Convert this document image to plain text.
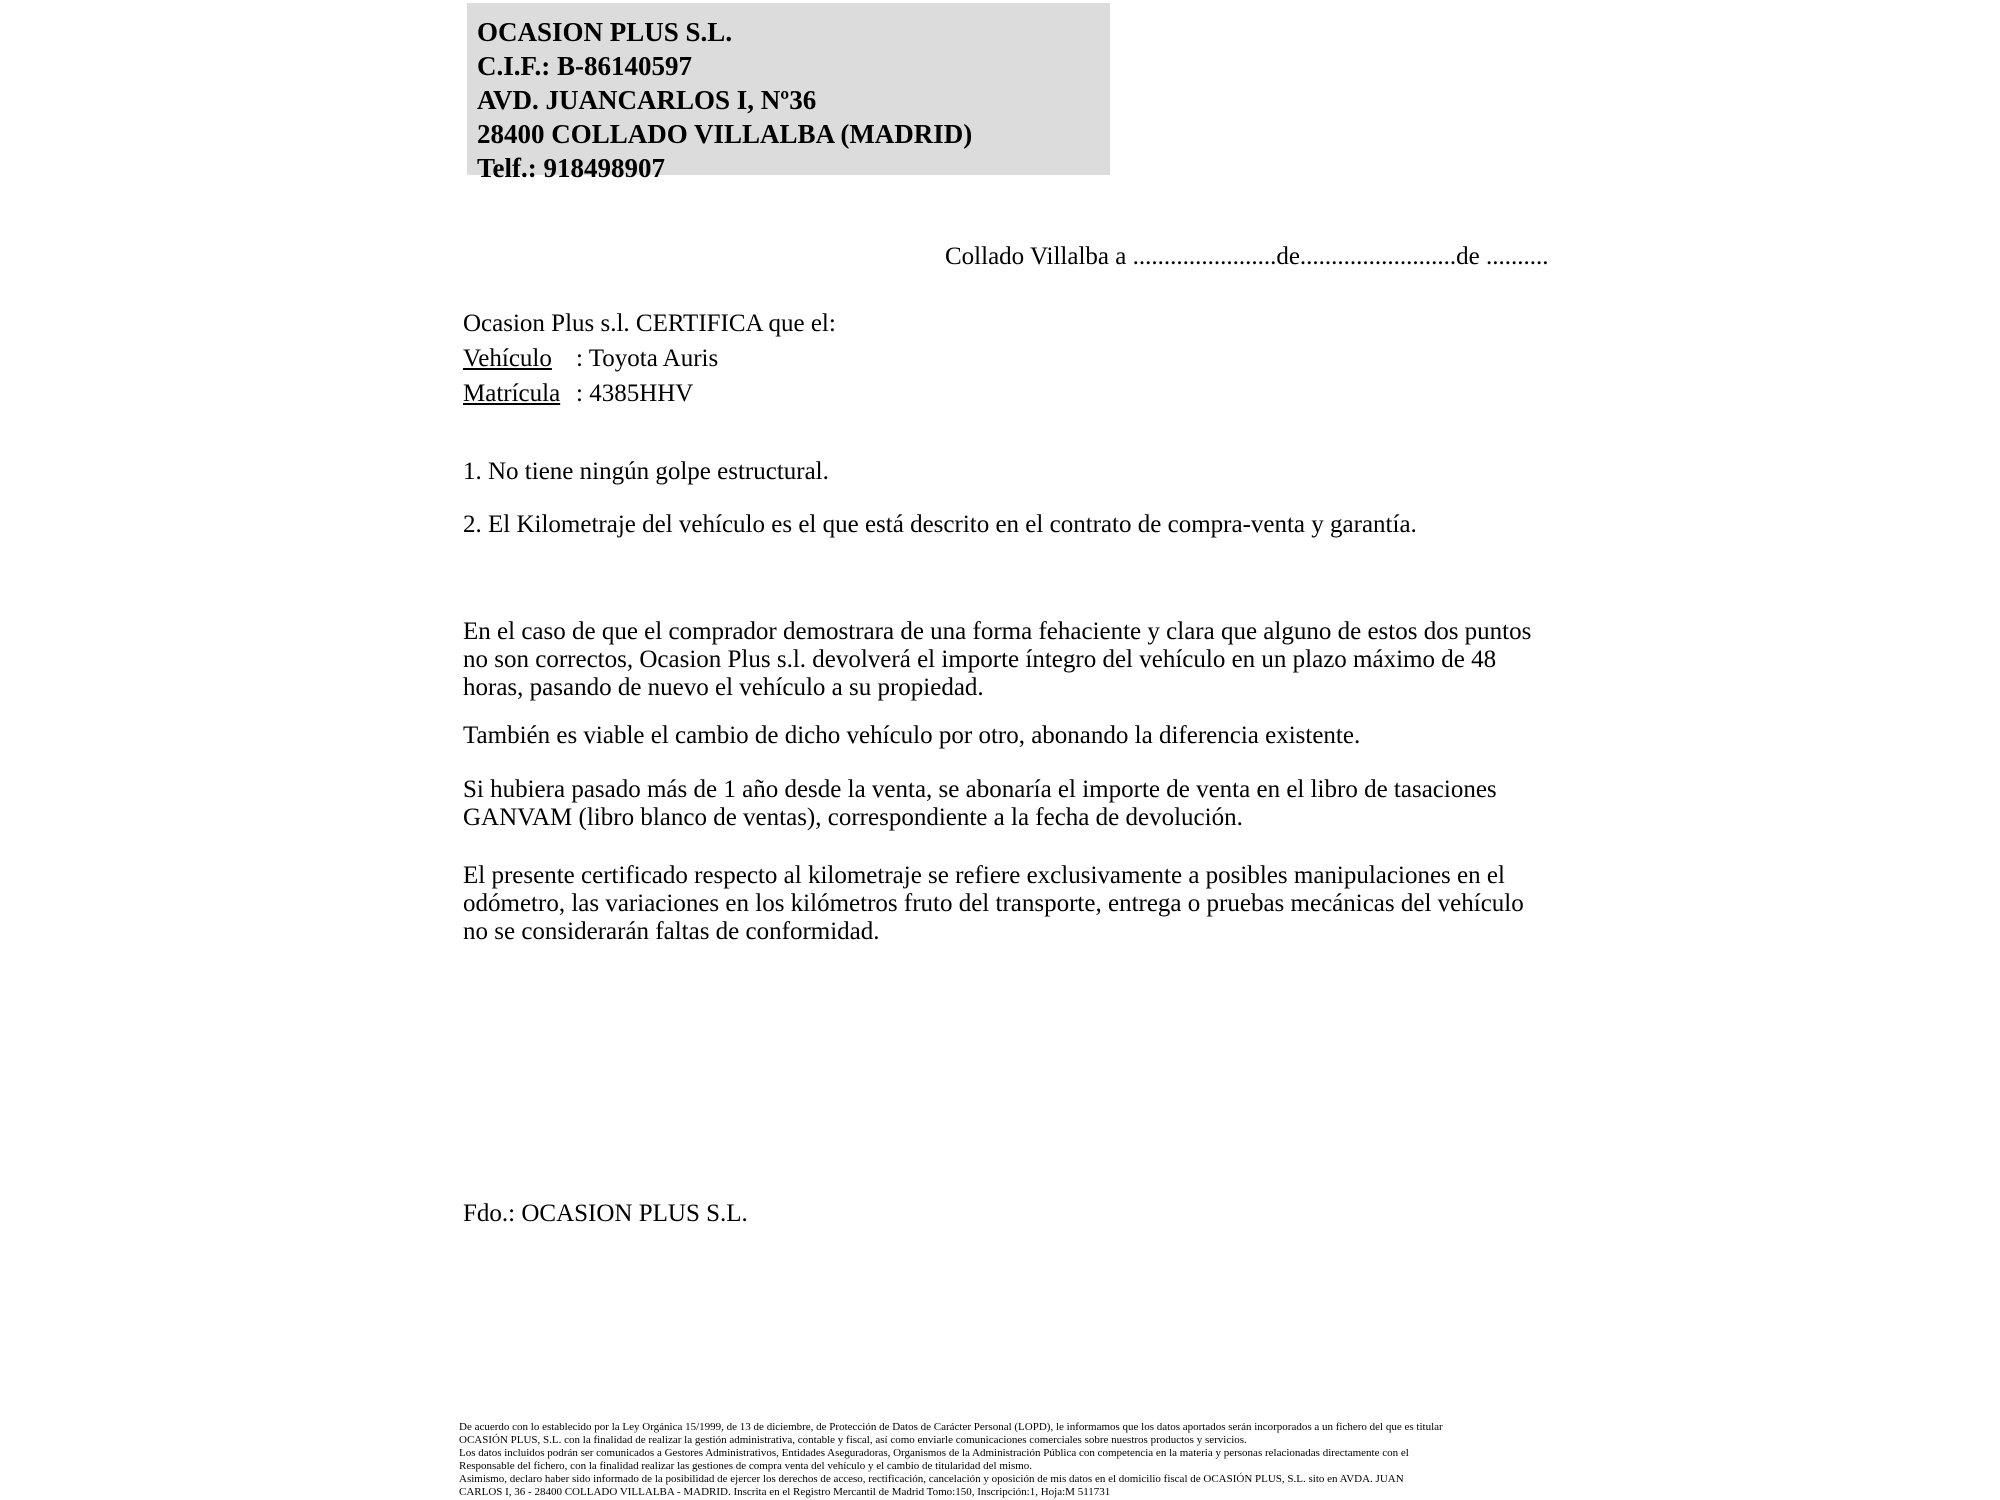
OCASION PLUS S.L.
C.I.F.: B-86140597
AVD. JUANCARLOS I, Nº36
28400 COLLADO VILLALBA (MADRID)
Telf.: 918498907
Collado Villalba a .......................de.........................de ..........
Ocasion Plus s.l. CERTIFICA que el:
Vehículo : Toyota Auris
Matrícula : 4385HHV
1. No tiene ningún golpe estructural.
2. El Kilometraje del vehículo es el que está descrito en el contrato de compra-venta y garantía.
En el caso de que el comprador demostrara de una forma fehaciente y clara que alguno de estos dos puntos no son correctos, Ocasion Plus s.l. devolverá el importe íntegro del vehículo en un plazo máximo de 48 horas, pasando de nuevo el vehículo a su propiedad.
También es viable el cambio de dicho vehículo por otro, abonando la diferencia existente.
Si hubiera pasado más de 1 año desde la venta, se abonaría el importe de venta en el libro de tasaciones GANVAM (libro blanco de ventas), correspondiente a la fecha de devolución.
El presente certificado respecto al kilometraje se refiere exclusivamente a posibles manipulaciones en el odómetro, las variaciones en los kilómetros fruto del transporte, entrega o pruebas mecánicas del vehículo no se considerarán faltas de conformidad.
Fdo.: OCASION PLUS S.L.
De acuerdo con lo establecido por la Ley Orgánica 15/1999, de 13 de diciembre, de Protección de Datos de Carácter Personal (LOPD), le informamos que los datos aportados serán incorporados a un fichero del que es titular
OCASIÓN PLUS, S.L. con la finalidad de realizar la gestión administrativa, contable y fiscal, así como enviarle comunicaciones comerciales sobre nuestros productos y servicios.
Los datos incluidos podrán ser comunicados a Gestores Administrativos, Entidades Aseguradoras, Organismos de la Administración Pública con competencia en la materia y personas relacionadas directamente con el
Responsable del fichero, con la finalidad realizar las gestiones de compra venta del vehículo y el cambio de titularidad del mismo.
Asimismo, declaro haber sido informado de la posibilidad de ejercer los derechos de acceso, rectificación, cancelación y oposición de mis datos en el domicilio fiscal de OCASIÓN PLUS, S.L. sito en AVDA. JUAN
CARLOS I, 36 - 28400 COLLADO VILLALBA - MADRID. Inscrita en el Registro Mercantil de Madrid Tomo:150, Inscripción:1, Hoja:M 511731
